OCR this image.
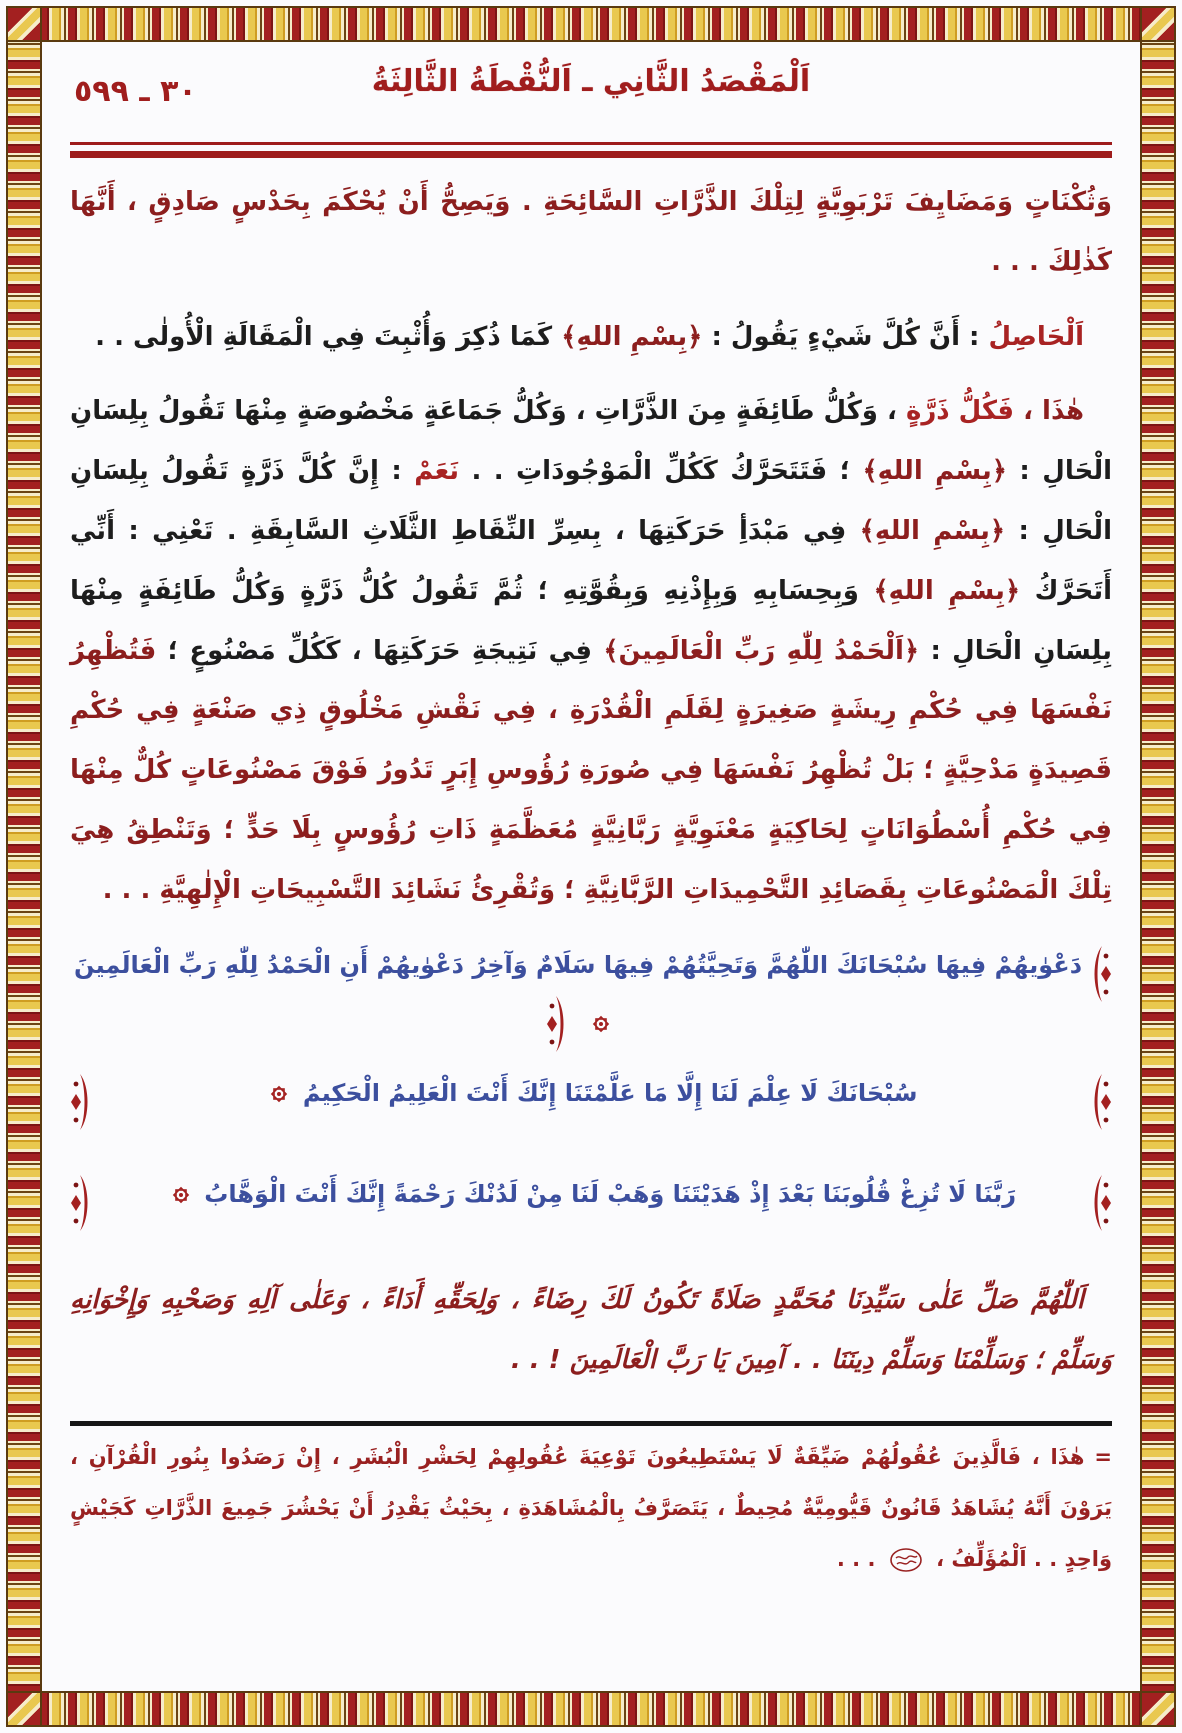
٣٠ ـ ٥٩٩	اَلْمَقْصَدُ الثَّانِي ـ اَلنُّقْطَةُ الثَّالِثَةُ

وَثُكْنَاتٍ وَمَضَايِفَ تَرْبَوِيَّةٍ لِتِلْكَ الذَّرَّاتِ السَّائِحَةِ . وَيَصِحُّ أَنْ يُحْكَمَ بِحَدْسٍ صَادِقٍ ، أَنَّهَا كَذٰلِكَ . . .

اَلْحَاصِلُ : أَنَّ كُلَّ شَيْءٍ يَقُولُ : ﴿بِسْمِ اللهِ﴾ كَمَا ذُكِرَ وَأُثْبِتَ فِي الْمَقَالَةِ الْأُولٰى . .

هٰذَا ، فَكُلُّ ذَرَّةٍ ، وَكُلُّ طَائِفَةٍ مِنَ الذَّرَّاتِ ، وَكُلُّ جَمَاعَةٍ مَخْصُوصَةٍ مِنْهَا تَقُولُ بِلِسَانِ الْحَالِ : ﴿بِسْمِ اللهِ﴾ ؛ فَتَتَحَرَّكُ كَكُلِّ الْمَوْجُودَاتِ . . نَعَمْ : إِنَّ كُلَّ ذَرَّةٍ تَقُولُ بِلِسَانِ الْحَالِ : ﴿بِسْمِ اللهِ﴾ فِي مَبْدَأِ حَرَكَتِهَا ، بِسِرِّ النِّقَاطِ الثَّلَاثِ السَّابِقَةِ . تَعْنِي : أَنِّي أَتَحَرَّكُ ﴿بِسْمِ اللهِ﴾ وَبِحِسَابِهِ وَبِإِذْنِهِ وَبِقُوَّتِهِ ؛ ثُمَّ تَقُولُ كُلُّ ذَرَّةٍ وَكُلُّ طَائِفَةٍ مِنْهَا بِلِسَانِ الْحَالِ : ﴿اَلْحَمْدُ لِلّٰهِ رَبِّ الْعَالَمِينَ﴾ فِي نَتِيجَةِ حَرَكَتِهَا ، كَكُلِّ مَصْنُوعٍ ؛ فَتُظْهِرُ نَفْسَهَا فِي حُكْمِ رِيشَةٍ صَغِيرَةٍ لِقَلَمِ الْقُدْرَةِ ، فِي نَقْشِ مَخْلُوقٍ ذِي صَنْعَةٍ فِي حُكْمِ قَصِيدَةٍ مَدْحِيَّةٍ ؛ بَلْ تُظْهِرُ نَفْسَهَا فِي صُورَةِ رُؤُوسِ إِبَرٍ تَدُورُ فَوْقَ مَصْنُوعَاتٍ كُلٌّ مِنْهَا فِي حُكْمِ أُسْطُوَانَاتٍ لِحَاكِيَةٍ مَعْنَوِيَّةٍ رَبَّانِيَّةٍ مُعَظَّمَةٍ ذَاتِ رُؤُوسٍ بِلَا حَدٍّ ؛ وَتَنْطِقُ هِيَ تِلْكَ الْمَصْنُوعَاتِ بِقَصَائِدِ التَّحْمِيدَاتِ الرَّبَّانِيَّةِ ؛ وَتُقْرِئُ نَشَائِدَ التَّسْبِيحَاتِ الْإِلٰهِيَّةِ . . .

دَعْوٰيهُمْ فِيهَا سُبْحَانَكَ اللّٰهُمَّ وَتَحِيَّتُهُمْ فِيهَا سَلَامٌ وَآخِرُ دَعْوٰيهُمْ أَنِ الْحَمْدُ لِلّٰهِ رَبِّ الْعَالَمِينَ
سُبْحَانَكَ لَا عِلْمَ لَنَا إِلَّا مَا عَلَّمْتَنَا إِنَّكَ أَنْتَ الْعَلِيمُ الْحَكِيمُ
رَبَّنَا لَا تُزِغْ قُلُوبَنَا بَعْدَ إِذْ هَدَيْتَنَا وَهَبْ لَنَا مِنْ لَدُنْكَ رَحْمَةً إِنَّكَ أَنْتَ الْوَهَّابُ

اَللّٰهُمَّ صَلِّ عَلٰى سَيِّدِنَا مُحَمَّدٍ صَلَاةً تَكُونُ لَكَ رِضَاءً ، وَلِحَقِّهِ أَدَاءً ، وَعَلٰى آلِهِ وَصَحْبِهِ وَإِخْوَانِهِ وَسَلِّمْ ؛ وَسَلِّمْنَا وَسَلِّمْ دِينَنَا . . آمِينَ يَا رَبَّ الْعَالَمِينَ ! . .

=هٰذَا ، فَالَّذِينَ عُقُولُهُمْ ضَيِّقَةٌ لَا يَسْتَطِيعُونَ تَوْعِيَةَ عُقُولِهِمْ لِحَشْرِ الْبُشَرِ ، إِنْ رَصَدُوا بِنُورِ الْقُرْآنِ ، يَرَوْنَ أَنَّهُ يُشَاهَدُ قَانُونٌ قَيُّومِيَّةٌ مُحِيطٌ ، يَتَصَرَّفُ بِالْمُشَاهَدَةِ ، بِحَيْثُ يَقْدِرُ أَنْ يَحْشُرَ جَمِيعَ الذَّرَّاتِ كَجَيْشٍ وَاحِدٍ . . اَلْمُؤَلِّفُ ،  . . .
